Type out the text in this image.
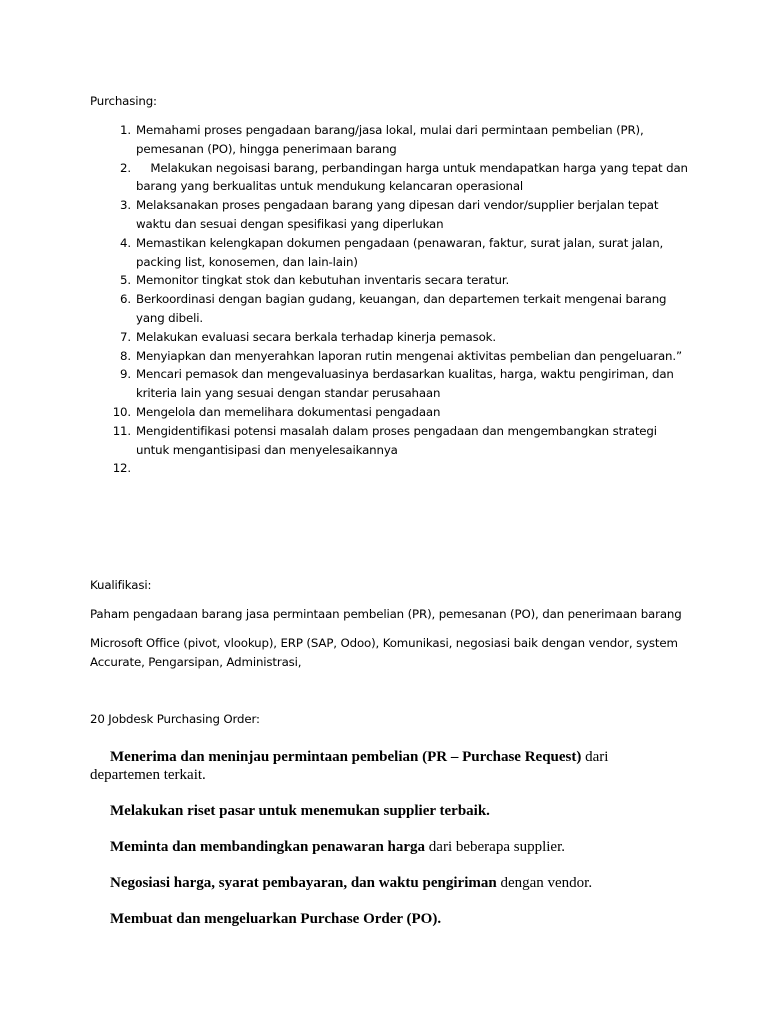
Purchasing:
1. Memahami proses pengadaan barang/jasa lokal, mulai dari permintaan pembelian (PR), pemesanan (PO), hingga penerimaan barang
2. Melakukan negoisasi barang, perbandingan harga untuk mendapatkan harga yang tepat dan barang yang berkualitas untuk mendukung kelancaran operasional
3. Melaksanakan proses pengadaan barang yang dipesan dari vendor/supplier berjalan tepat waktu dan sesuai dengan spesifikasi yang diperlukan
4. Memastikan kelengkapan dokumen pengadaan (penawaran, faktur, surat jalan, surat jalan, packing list, konosemen, dan lain-lain)
5. Memonitor tingkat stok dan kebutuhan inventaris secara teratur.
6. Berkoordinasi dengan bagian gudang, keuangan, dan departemen terkait mengenai barang yang dibeli.
7. Melakukan evaluasi secara berkala terhadap kinerja pemasok.
8. Menyiapkan dan menyerahkan laporan rutin mengenai aktivitas pembelian dan pengeluaran.”
9. Mencari pemasok dan mengevaluasinya berdasarkan kualitas, harga, waktu pengiriman, dan kriteria lain yang sesuai dengan standar perusahaan
10. Mengelola dan memelihara dokumentasi pengadaan
11. Mengidentifikasi potensi masalah dalam proses pengadaan dan mengembangkan strategi untuk mengantisipasi dan menyelesaikannya
12.
Kualifikasi:
Paham pengadaan barang jasa permintaan pembelian (PR), pemesanan (PO), dan penerimaan barang
Microsoft Office (pivot, vlookup), ERP (SAP, Odoo), Komunikasi, negosiasi baik dengan vendor, system Accurate, Pengarsipan, Administrasi,
20 Jobdesk Purchasing Order:
Menerima dan meninjau permintaan pembelian (PR – Purchase Request) dari departemen terkait.
Melakukan riset pasar untuk menemukan supplier terbaik.
Meminta dan membandingkan penawaran harga dari beberapa supplier.
Negosiasi harga, syarat pembayaran, dan waktu pengiriman dengan vendor.
Membuat dan mengeluarkan Purchase Order (PO).
